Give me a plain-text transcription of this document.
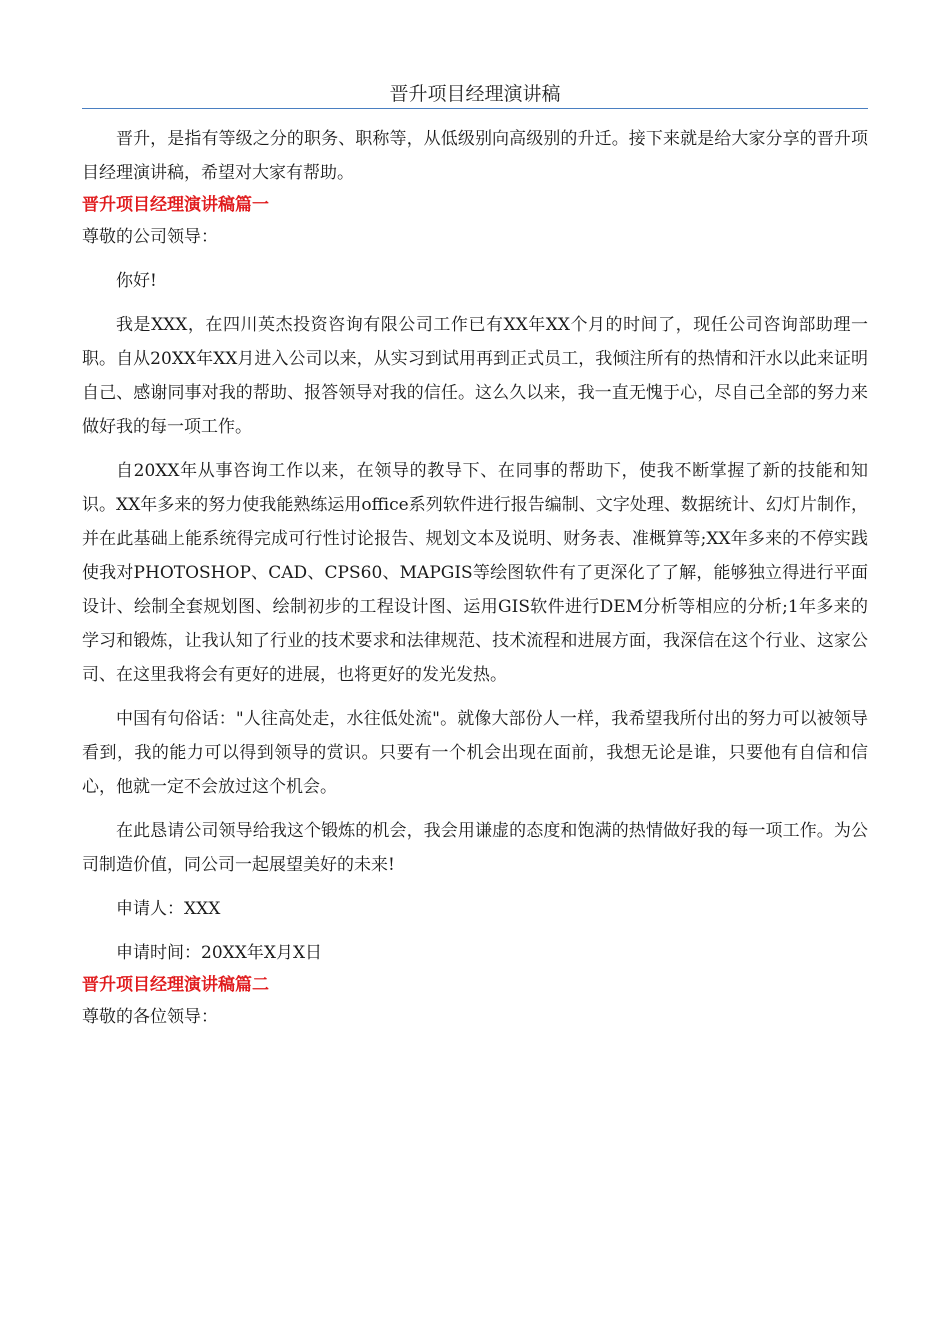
晋升项目经理演讲稿

晋升，是指有等级之分的职务、职称等，从低级别向高级别的升迁。接下来就是给大家分享的晋升项目经理演讲稿，希望对大家有帮助。

晋升项目经理演讲稿篇一

尊敬的公司领导：

你好!

我是XXX，在四川英杰投资咨询有限公司工作已有XX年XX个月的时间了，现任公司咨询部助理一职。自从20XX年XX月进入公司以来，从实习到试用再到正式员工，我倾注所有的热情和汗水以此来证明自己、感谢同事对我的帮助、报答领导对我的信任。这么久以来，我一直无愧于心，尽自己全部的努力来做好我的每一项工作。

自20XX年从事咨询工作以来，在领导的教导下、在同事的帮助下，使我不断掌握了新的技能和知识。XX年多来的努力使我能熟练运用office系列软件进行报告编制、文字处理、数据统计、幻灯片制作，并在此基础上能系统得完成可行性讨论报告、规划文本及说明、财务表、准概算等;XX年多来的不停实践使我对PHOTOSHOP、CAD、CPS60、MAPGIS等绘图软件有了更深化了了解，能够独立得进行平面设计、绘制全套规划图、绘制初步的工程设计图、运用GIS软件进行DEM分析等相应的分析;1年多来的学习和锻炼，让我认知了行业的技术要求和法律规范、技术流程和进展方面，我深信在这个行业、这家公司、在这里我将会有更好的进展，也将更好的发光发热。

中国有句俗话："人往高处走，水往低处流"。就像大部份人一样，我希望我所付出的努力可以被领导看到，我的能力可以得到领导的赏识。只要有一个机会出现在面前，我想无论是谁，只要他有自信和信心，他就一定不会放过这个机会。

在此恳请公司领导给我这个锻炼的机会，我会用谦虚的态度和饱满的热情做好我的每一项工作。为公司制造价值，同公司一起展望美好的未来!

申请人：XXX

申请时间：20XX年X月X日

晋升项目经理演讲稿篇二

尊敬的各位领导：
